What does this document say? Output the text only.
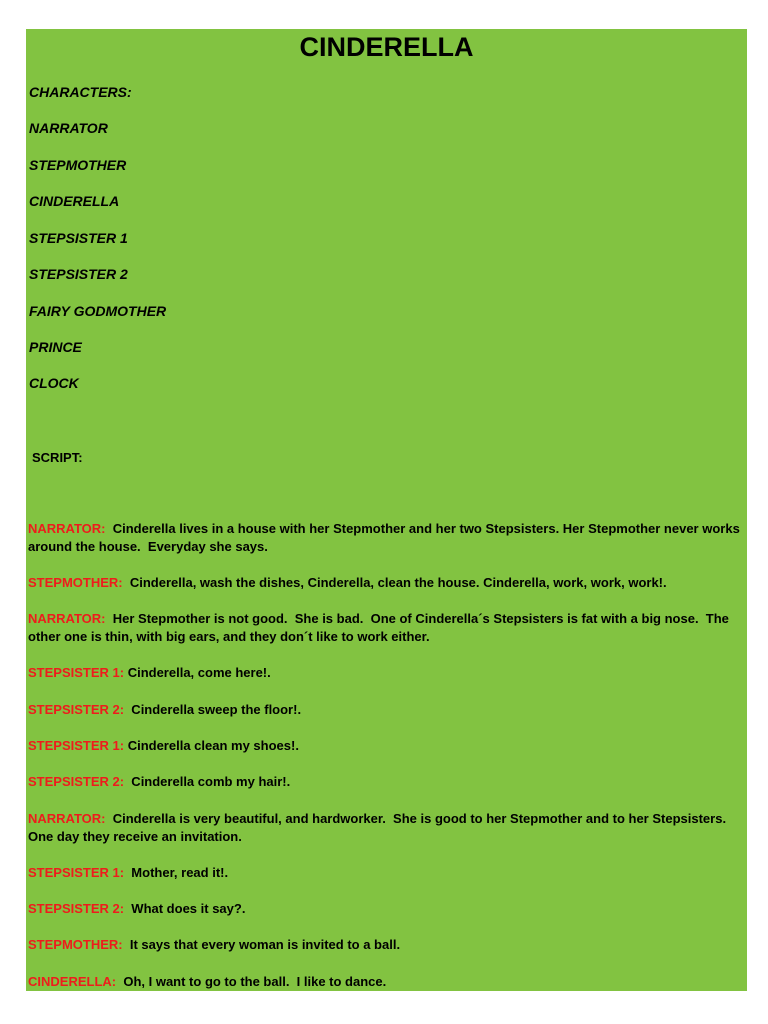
CINDERELLA
CHARACTERS:
NARRATOR
STEPMOTHER
CINDERELLA
STEPSISTER 1
STEPSISTER 2
FAIRY GODMOTHER
PRINCE
CLOCK
SCRIPT:
NARRATOR:  Cinderella lives in a house with her Stepmother and her two Stepsisters. Her Stepmother never works around the house.  Everyday she says.
STEPMOTHER:  Cinderella, wash the dishes, Cinderella, clean the house. Cinderella, work, work, work!.
NARRATOR:  Her Stepmother is not good.  She is bad.  One of Cinderella´s Stepsisters is fat with a big nose.  The other one is thin, with big ears, and they don´t like to work either.
STEPSISTER 1: Cinderella, come here!.
STEPSISTER 2:  Cinderella sweep the floor!.
STEPSISTER 1: Cinderella clean my shoes!.
STEPSISTER 2:  Cinderella comb my hair!.
NARRATOR:  Cinderella is very beautiful, and hardworker.  She is good to her Stepmother and to her Stepsisters.  One day they receive an invitation.
STEPSISTER 1:  Mother, read it!.
STEPSISTER 2:  What does it say?.
STEPMOTHER:  It says that every woman is invited to a ball.
CINDERELLA:  Oh, I want to go to the ball.  I like to dance.
